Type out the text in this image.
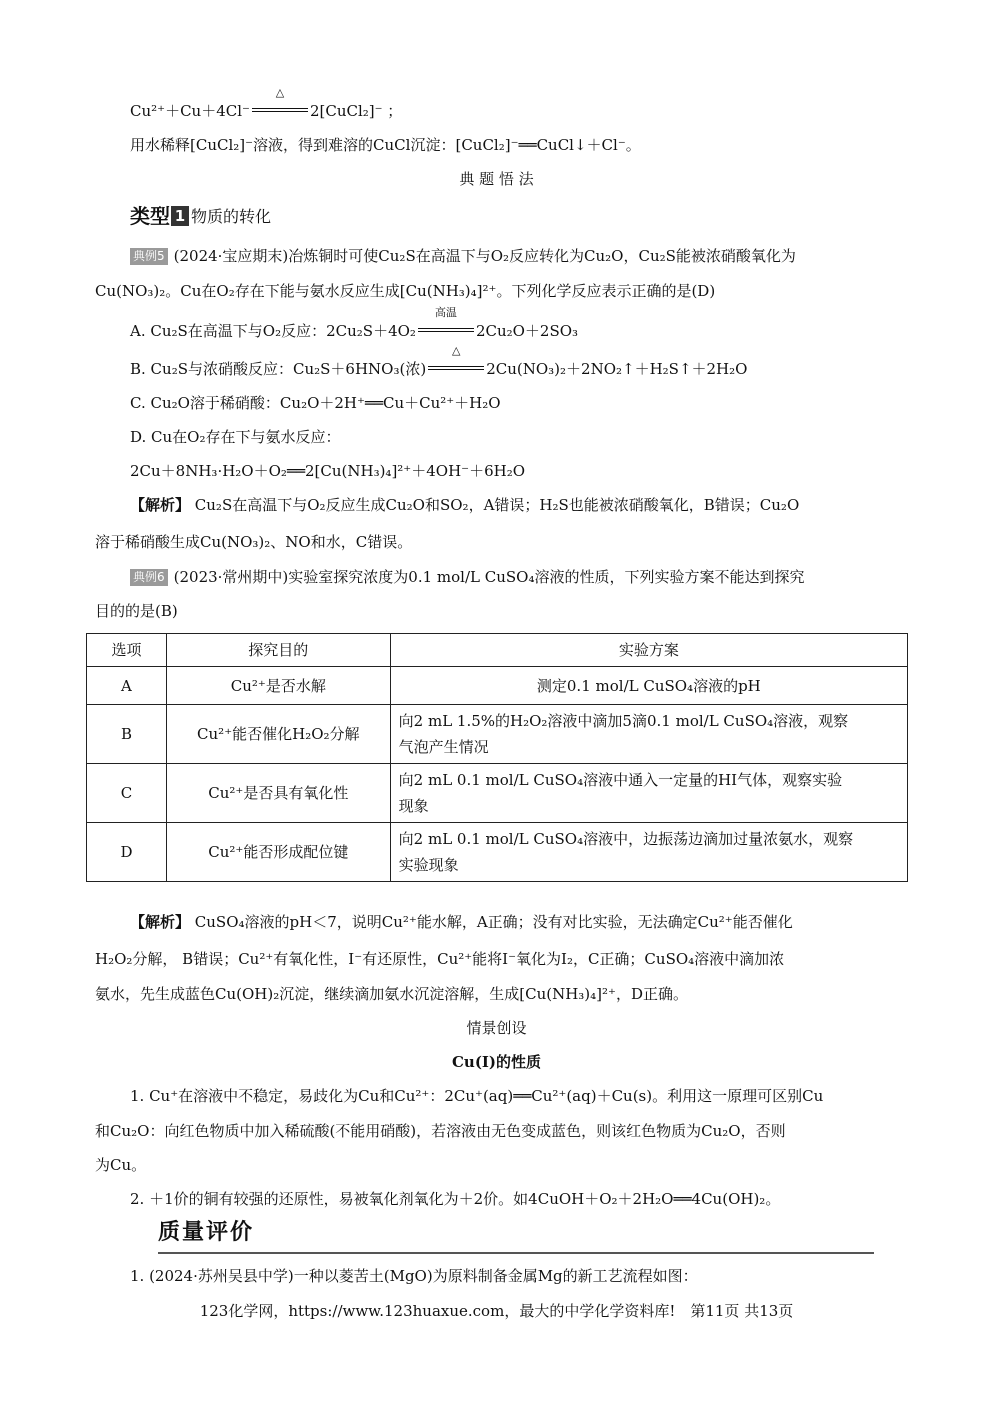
Cu²⁺＋Cu＋4Cl⁻
△
2[CuCl₂]⁻ ；
用水稀释[CuCl₂]⁻溶液，得到难溶的CuCl沉淀：[CuCl₂]⁻══CuCl↓＋Cl⁻。
典 题 悟 法
类型 1 物质的转化
典例5 (2024·宝应期末)冶炼铜时可使Cu₂S在高温下与O₂反应转化为Cu₂O，Cu₂S能被浓硝酸氧化为
Cu(NO₃)₂。Cu在O₂存在下能与氨水反应生成[Cu(NH₃)₄]²⁺。下列化学反应表示正确的是(D)
A. Cu₂S在高温下与O₂反应：2Cu₂S＋4O₂
高温
2Cu₂O＋2SO₃
B. Cu₂S与浓硝酸反应：Cu₂S＋6HNO₃(浓)
△
2Cu(NO₃)₂＋2NO₂↑＋H₂S↑＋2H₂O
C. Cu₂O溶于稀硝酸：Cu₂O＋2H⁺══Cu＋Cu²⁺＋H₂O
D. Cu在O₂存在下与氨水反应：
2Cu＋8NH₃·H₂O＋O₂══2[Cu(NH₃)₄]²⁺＋4OH⁻＋6H₂O
【解析】 Cu₂S在高温下与O₂反应生成Cu₂O和SO₂，A错误；H₂S也能被浓硝酸氧化，B错误；Cu₂O
溶于稀硝酸生成Cu(NO₃)₂、NO和水，C错误。
典例6 (2023·常州期中)实验室探究浓度为0.1 mol/L CuSO₄溶液的性质，下列实验方案不能达到探究
目的的是(B)
选项	探究目的	实验方案
A	Cu²⁺是否水解	测定0.1 mol/L CuSO₄溶液的pH
B	Cu²⁺能否催化H₂O₂分解	向2 mL 1.5%的H₂O₂溶液中滴加5滴0.1 mol/L CuSO₄溶液，观察
气泡产生情况

C	Cu²⁺是否具有氧化性	向2 mL 0.1 mol/L CuSO₄溶液中通入一定量的HI气体，观察实验
现象

D	Cu²⁺能否形成配位键	向2 mL 0.1 mol/L CuSO₄溶液中，边振荡边滴加过量浓氨水，观察
实验现象
【解析】 CuSO₄溶液的pH＜7，说明Cu²⁺能水解，A正确；没有对比实验，无法确定Cu²⁺能否催化
H₂O₂分解， B错误；Cu²⁺有氧化性，I⁻有还原性，Cu²⁺能将I⁻氧化为I₂，C正确；CuSO₄溶液中滴加浓
氨水，先生成蓝色Cu(OH)₂沉淀，继续滴加氨水沉淀溶解，生成[Cu(NH₃)₄]²⁺，D正确。
情景创设
Cu(Ⅰ)的性质
1. Cu⁺在溶液中不稳定，易歧化为Cu和Cu²⁺：2Cu⁺(aq)══Cu²⁺(aq)＋Cu(s)。利用这一原理可区别Cu
和Cu₂O：向红色物质中加入稀硫酸(不能用硝酸)，若溶液由无色变成蓝色，则该红色物质为Cu₂O，否则
为Cu。
2. ＋1价的铜有较强的还原性，易被氧化剂氧化为＋2价。如4CuOH＋O₂＋2H₂O══4Cu(OH)₂。
质量评价
1. (2024·苏州吴县中学)一种以菱苦土(MgO)为原料制备金属Mg的新工艺流程如图：
123化学网，https://www.123huaxue.com，最大的中学化学资料库!　第11页 共13页
